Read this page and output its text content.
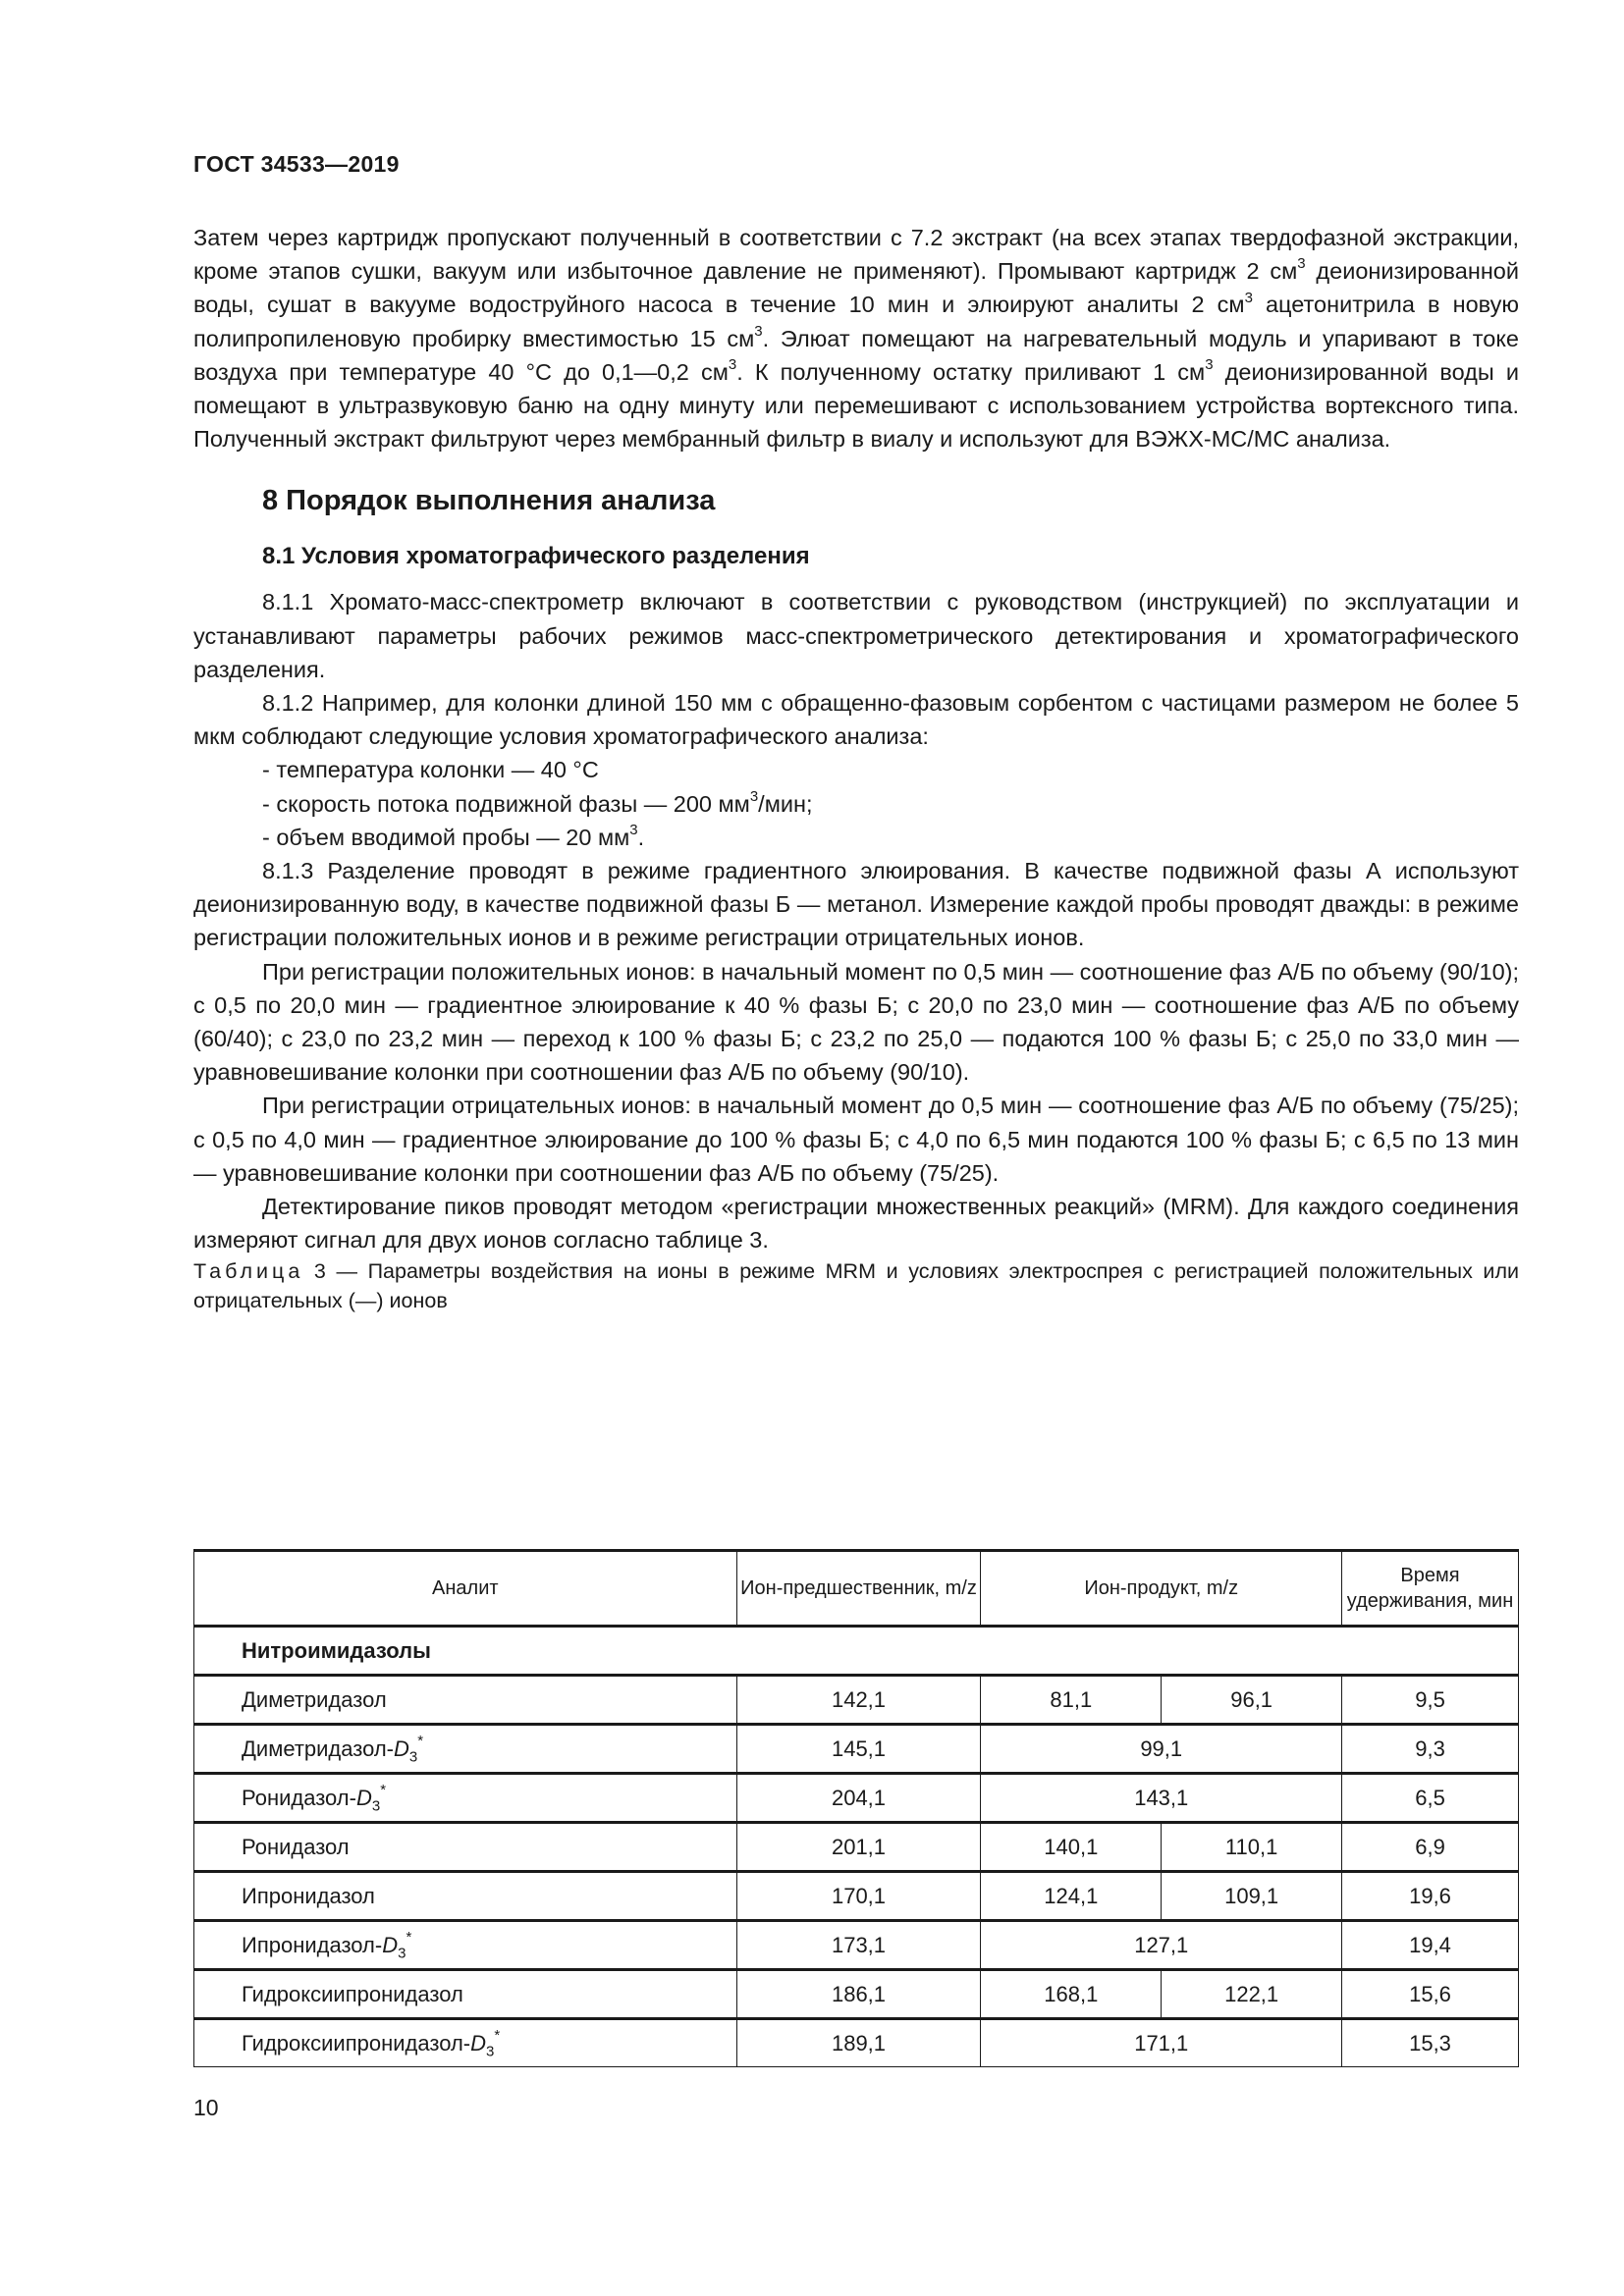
ГОСТ 34533—2019

Затем через картридж пропускают полученный в соответствии с 7.2 экстракт (на всех этапах твердофазной экстракции, кроме этапов сушки, вакуум или избыточное давление не применяют). Промывают картридж 2 $см^3$ деионизированной воды, сушат в вакууме водоструйного насоса в течение 10 мин и элюируют аналиты 2 $см^3$ ацетонитрила в новую полипропиленовую пробирку вместимостью 15 $см^3$. Элюат помещают на нагревательный модуль и упаривают в токе воздуха при температуре 40 °С до 0,1—0,2 $см^3$. К полученному остатку приливают 1 $см^3$ деионизированной воды и помещают в ультразвуковую баню на одну минуту или перемешивают с использованием устройства вортексного типа. Полученный экстракт фильтруют через мембранный фильтр в виалу и используют для ВЭЖХ-МС/МС анализа.

8 Порядок выполнения анализа
8.1 Условия хроматографического разделения

8.1.1 Хромато-масс-спектрометр включают в соответствии с руководством (инструкцией) по эксплуатации и устанавливают параметры рабочих режимов масс-спектрометрического детектирования и хроматографического разделения.

8.1.2 Например, для колонки длиной 150 мм с обращенно-фазовым сорбентом с частицами размером не более 5 мкм соблюдают следующие условия хроматографического анализа:

- температура колонки — 40 °С

- скорость потока подвижной фазы — 200 $мм^3$/мин;

- объем вводимой пробы — 20 $мм^3$.

8.1.3 Разделение проводят в режиме градиентного элюирования. В качестве подвижной фазы А используют деионизированную воду, в качестве подвижной фазы Б — метанол. Измерение каждой пробы проводят дважды: в режиме регистрации положительных ионов и в режиме регистрации отрицательных ионов.

При регистрации положительных ионов: в начальный момент по 0,5 мин — соотношение фаз А/Б по объему (90/10); с 0,5 по 20,0 мин — градиентное элюирование к 40 % фазы Б; с 20,0 по 23,0 мин — соотношение фаз А/Б по объему (60/40); с 23,0 по 23,2 мин — переход к 100 % фазы Б; с 23,2 по 25,0 — подаются 100 % фазы Б; с 25,0 по 33,0 мин — уравновешивание колонки при соотношении фаз А/Б по объему (90/10).

При регистрации отрицательных ионов: в начальный момент до 0,5 мин — соотношение фаз А/Б по объему (75/25); с 0,5 по 4,0 мин — градиентное элюирование до 100 % фазы Б; с 4,0 по 6,5 мин подаются 100 % фазы Б; с 6,5 по 13 мин — уравновешивание колонки при соотношении фаз А/Б по объему (75/25).

Детектирование пиков проводят методом «регистрации множественных реакций» (MRM). Для каждого соединения измеряют сигнал для двух ионов согласно таблице 3.

Таблица 3 — Параметры воздействия на ионы в режиме MRM и условиях электроспрея с регистрацией положительных или отрицательных (—) ионов

Аналит	Ион-предшественник, m/z	Ион-продукт, m/z		Время удерживания, мин
Нитроимидазолы				
Диметридазол	142,1	81,1	96,1	9,5
Диметридазол-$D_3^*$	145,1	99,1		9,3
Ронидазол-$D_3^*$	204,1	143,1		6,5
Ронидазол	201,1	140,1	110,1	6,9
Ипронидазол	170,1	124,1	109,1	19,6
Ипронидазол-$D_3^*$	173,1	127,1		19,4
Гидроксиипронидазол	186,1	168,1	122,1	15,6
Гидроксиипронидазол-$D_3^*$	189,1	171,1		15,3
10
